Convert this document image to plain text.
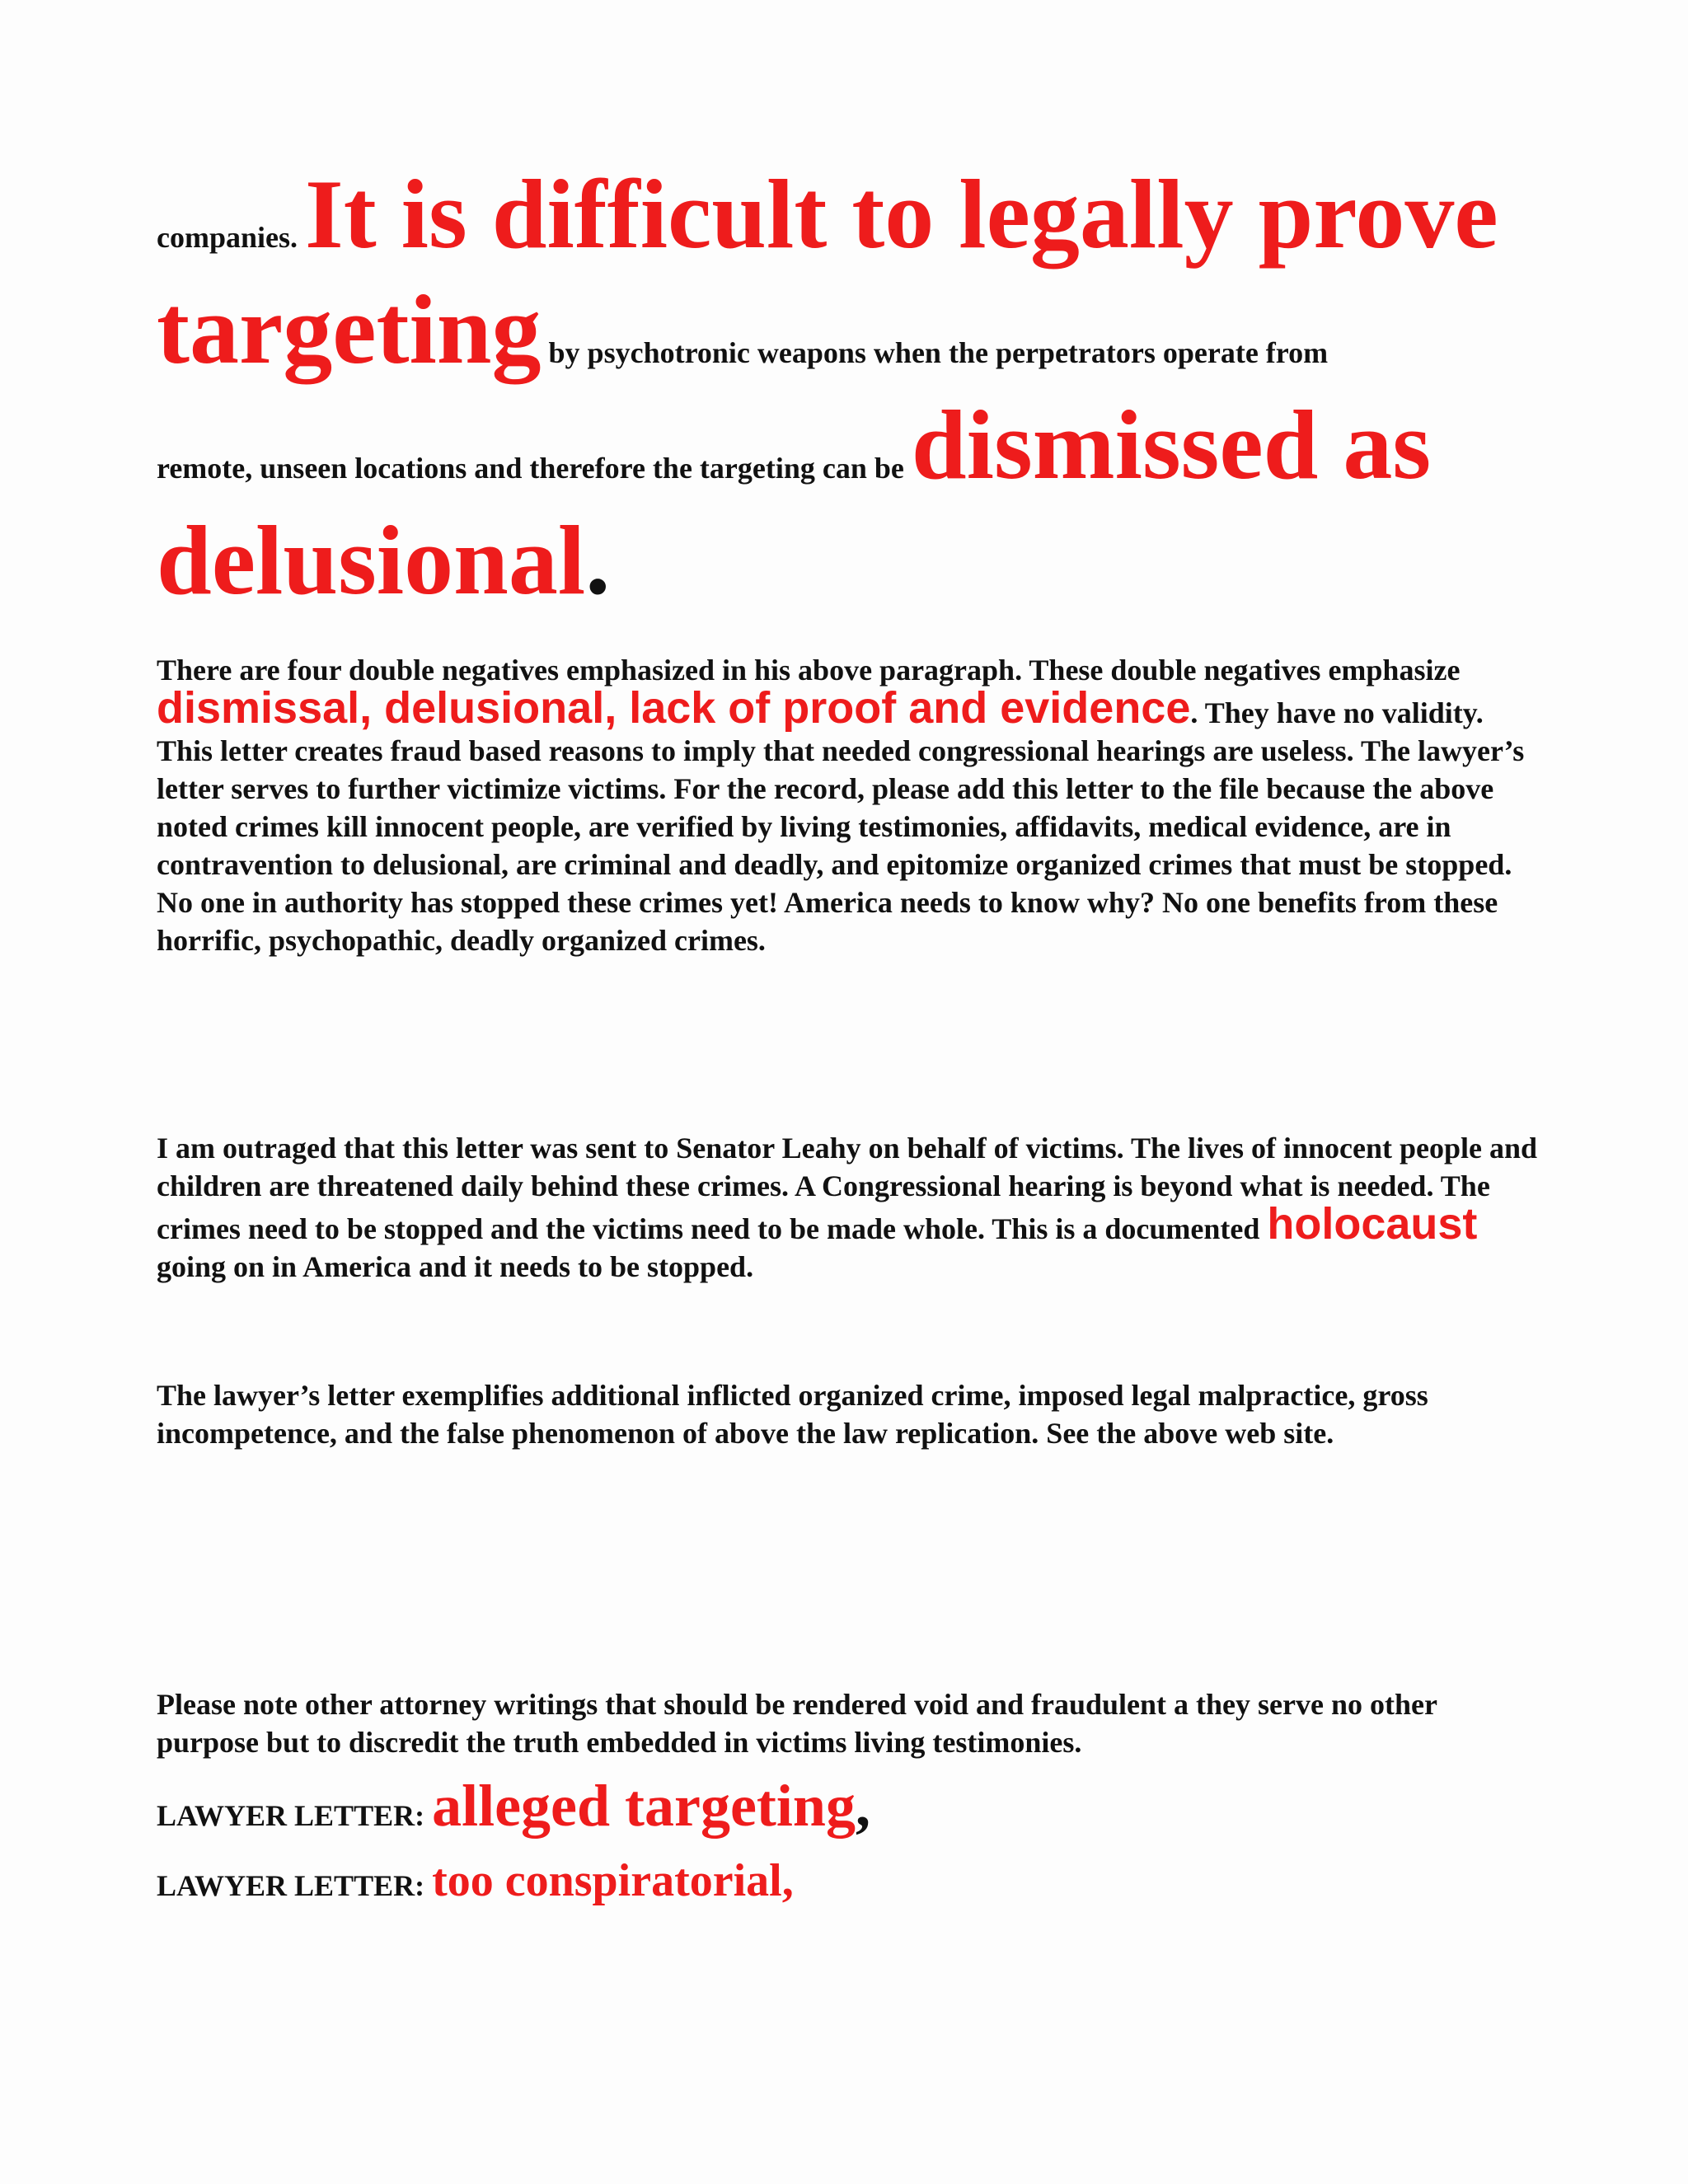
companies. It is difficult to legally prove
targeting by psychotronic weapons when the perpetrators operate from
remote, unseen locations and therefore the targeting can be dismissed as
delusional.

There are four double negatives emphasized in his above paragraph. These double negatives emphasize dismissal, delusional, lack of proof and evidence. They have no validity. This letter creates fraud based reasons to imply that needed congressional hearings are useless. The lawyer’s letter serves to further victimize victims. For the record, please add this letter to the file because the above noted crimes kill innocent people, are verified by living testimonies, affidavits, medical evidence, are in contravention to delusional, are criminal and deadly, and epitomize organized crimes that must be stopped. No one in authority has stopped these crimes yet! America needs to know why? No one benefits from these horrific, psychopathic, deadly organized crimes.

I am outraged that this letter was sent to Senator Leahy on behalf of victims. The lives of innocent people and children are threatened daily behind these crimes. A Congressional hearing is beyond what is needed. The crimes need to be stopped and the victims need to be made whole. This is a documented holocaust going on in America and it needs to be stopped.

The lawyer’s letter exemplifies additional inflicted organized crime, imposed legal malpractice, gross incompetence, and the false phenomenon of above the law replication. See the above web site.

Please note other attorney writings that should be rendered void and fraudulent a they serve no other purpose but to discredit the truth embedded in victims living testimonies.

LAWYER LETTER: alleged targeting,
LAWYER LETTER: too conspiratorial,
